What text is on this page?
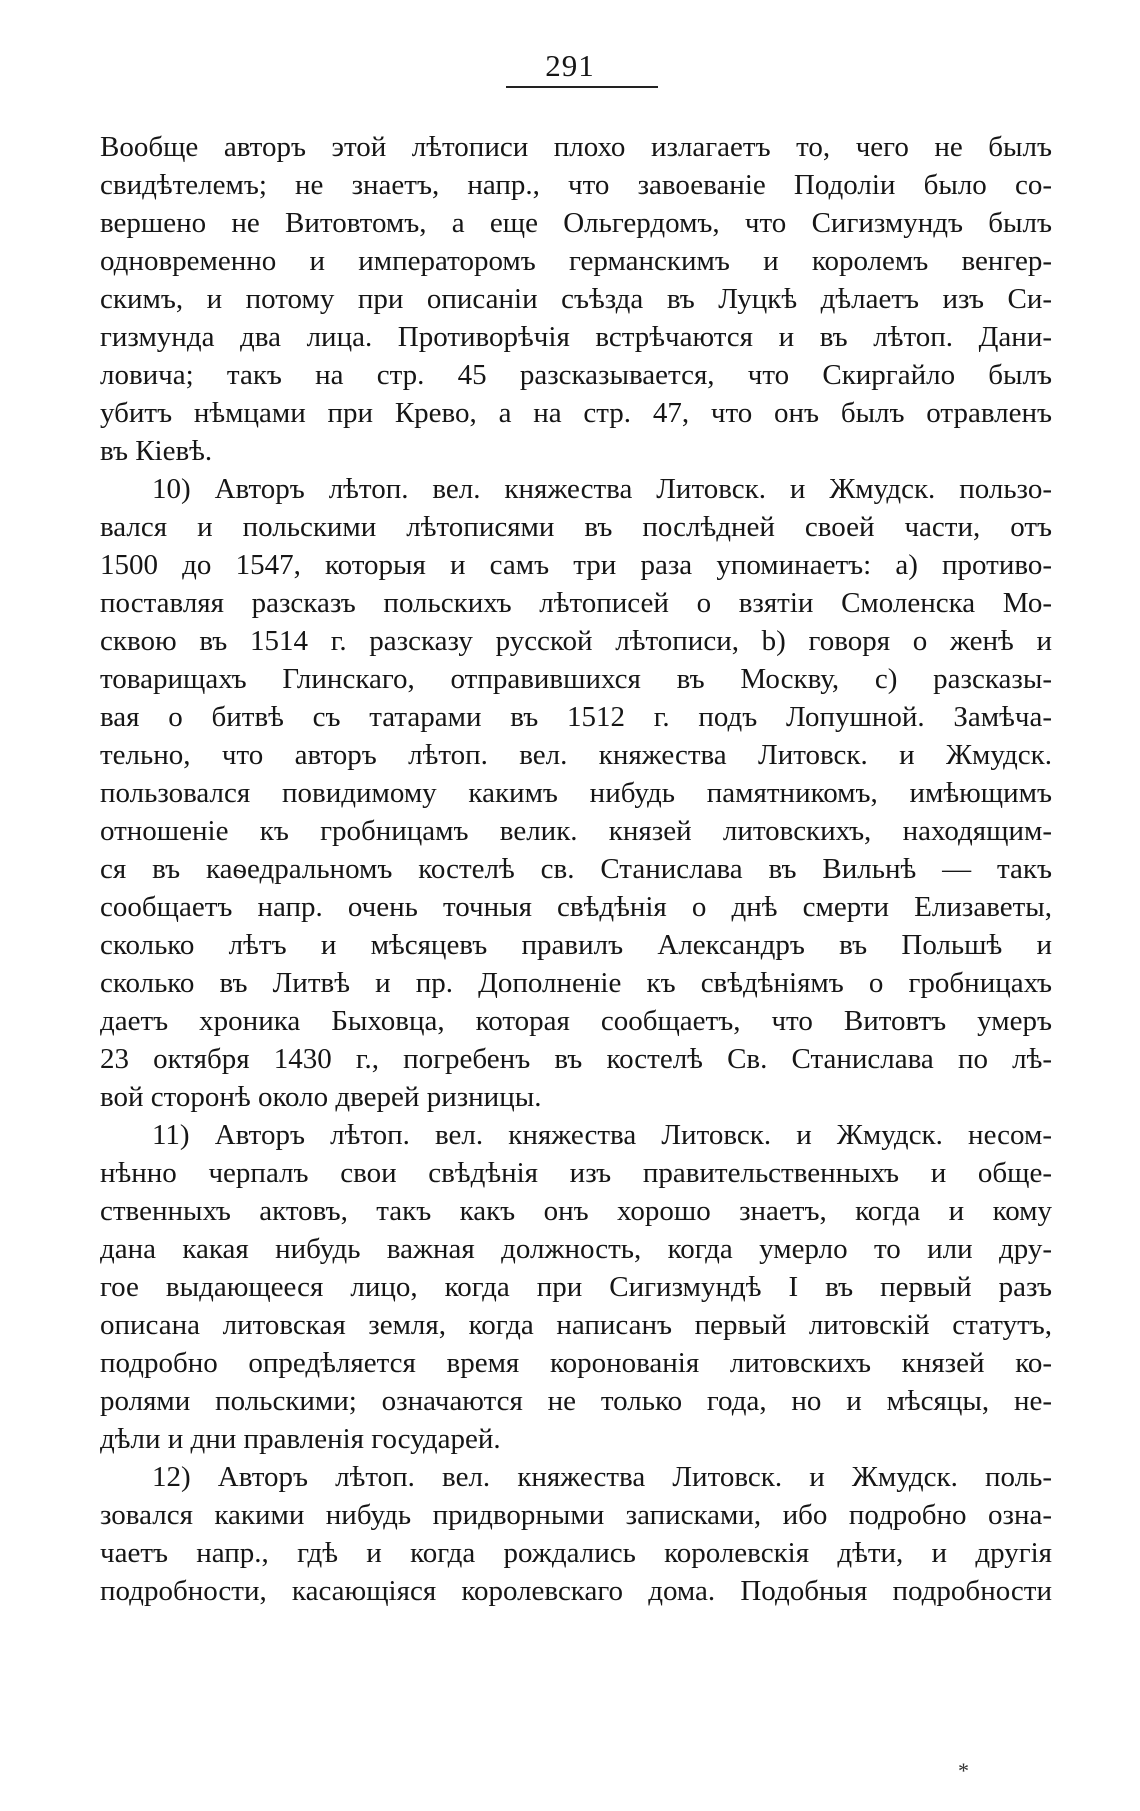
291
Вообще авторъ этой лѣтописи плохо излагаетъ то, чего не былъ
свидѣтелемъ; не знаетъ, напр., что завоеванiе Подолiи было со-
вершено не Витовтомъ, а еще Ольгердомъ, что Сигизмундъ былъ
одновременно и императоромъ германскимъ и королемъ венгер-
скимъ, и потому при описанiи съѣзда въ Луцкѣ дѣлаетъ изъ Си-
гизмунда два лица. Противорѣчiя встрѣчаются и въ лѣтоп. Дани-
ловича; такъ на стр. 45 разсказывается, что Скиргайло былъ
убитъ нѣмцами при Крево, а на стр. 47, что онъ былъ отравленъ
въ Кiевѣ.
10) Авторъ лѣтоп. вел. княжества Литовск. и Жмудск. пользо-
вался и польскими лѣтописями въ послѣдней своей части, отъ
1500 до 1547, которыя и самъ три раза упоминаетъ: a) противо-
поставляя разсказъ польскихъ лѣтописей о взятiи Смоленска Мо-
сквою въ 1514 г. разсказу русской лѣтописи, b) говоря о женѣ и
товарищахъ Глинскаго, отправившихся въ Москву, c) разсказы-
вая о битвѣ съ татарами въ 1512 г. подъ Лопушной. Замѣча-
тельно, что авторъ лѣтоп. вел. княжества Литовск. и Жмудск.
пользовался повидимому какимъ нибудь памятникомъ, имѣющимъ
отношенiе къ гробницамъ велик. князей литовскихъ, находящим-
ся въ каѳедральномъ костелѣ св. Станислава въ Вильнѣ — такъ
сообщаетъ напр. очень точныя свѣдѣнiя о днѣ смерти Елизаветы,
сколько лѣтъ и мѣсяцевъ правилъ Александръ въ Польшѣ и
сколько въ Литвѣ и пр. Дополненiе къ свѣдѣнiямъ о гробницахъ
даетъ хроника Быховца, которая сообщаетъ, что Витовтъ умеръ
23 октября 1430 г., погребенъ въ костелѣ Св. Станислава по лѣ-
вой сторонѣ около дверей ризницы.
11) Авторъ лѣтоп. вел. княжества Литовск. и Жмудск. несом-
нѣнно черпалъ свои свѣдѣнiя изъ правительственныхъ и обще-
ственныхъ актовъ, такъ какъ онъ хорошо знаетъ, когда и кому
дана какая нибудь важная должность, когда умерло то или дру-
гое выдающееся лицо, когда при Сигизмундѣ I въ первый разъ
описана литовская земля, когда написанъ первый литовскiй статутъ,
подробно опредѣляется время коронованiя литовскихъ князей ко-
ролями польскими; означаются не только года, но и мѣсяцы, не-
дѣли и дни правленiя государей.
12) Авторъ лѣтоп. вел. княжества Литовск. и Жмудск. поль-
зовался какими нибудь придворными записками, ибо подробно озна-
чаетъ напр., гдѣ и когда рождались королевскiя дѣти, и другiя
подробности, касающiяся королевскаго дома. Подобныя подробности
*
